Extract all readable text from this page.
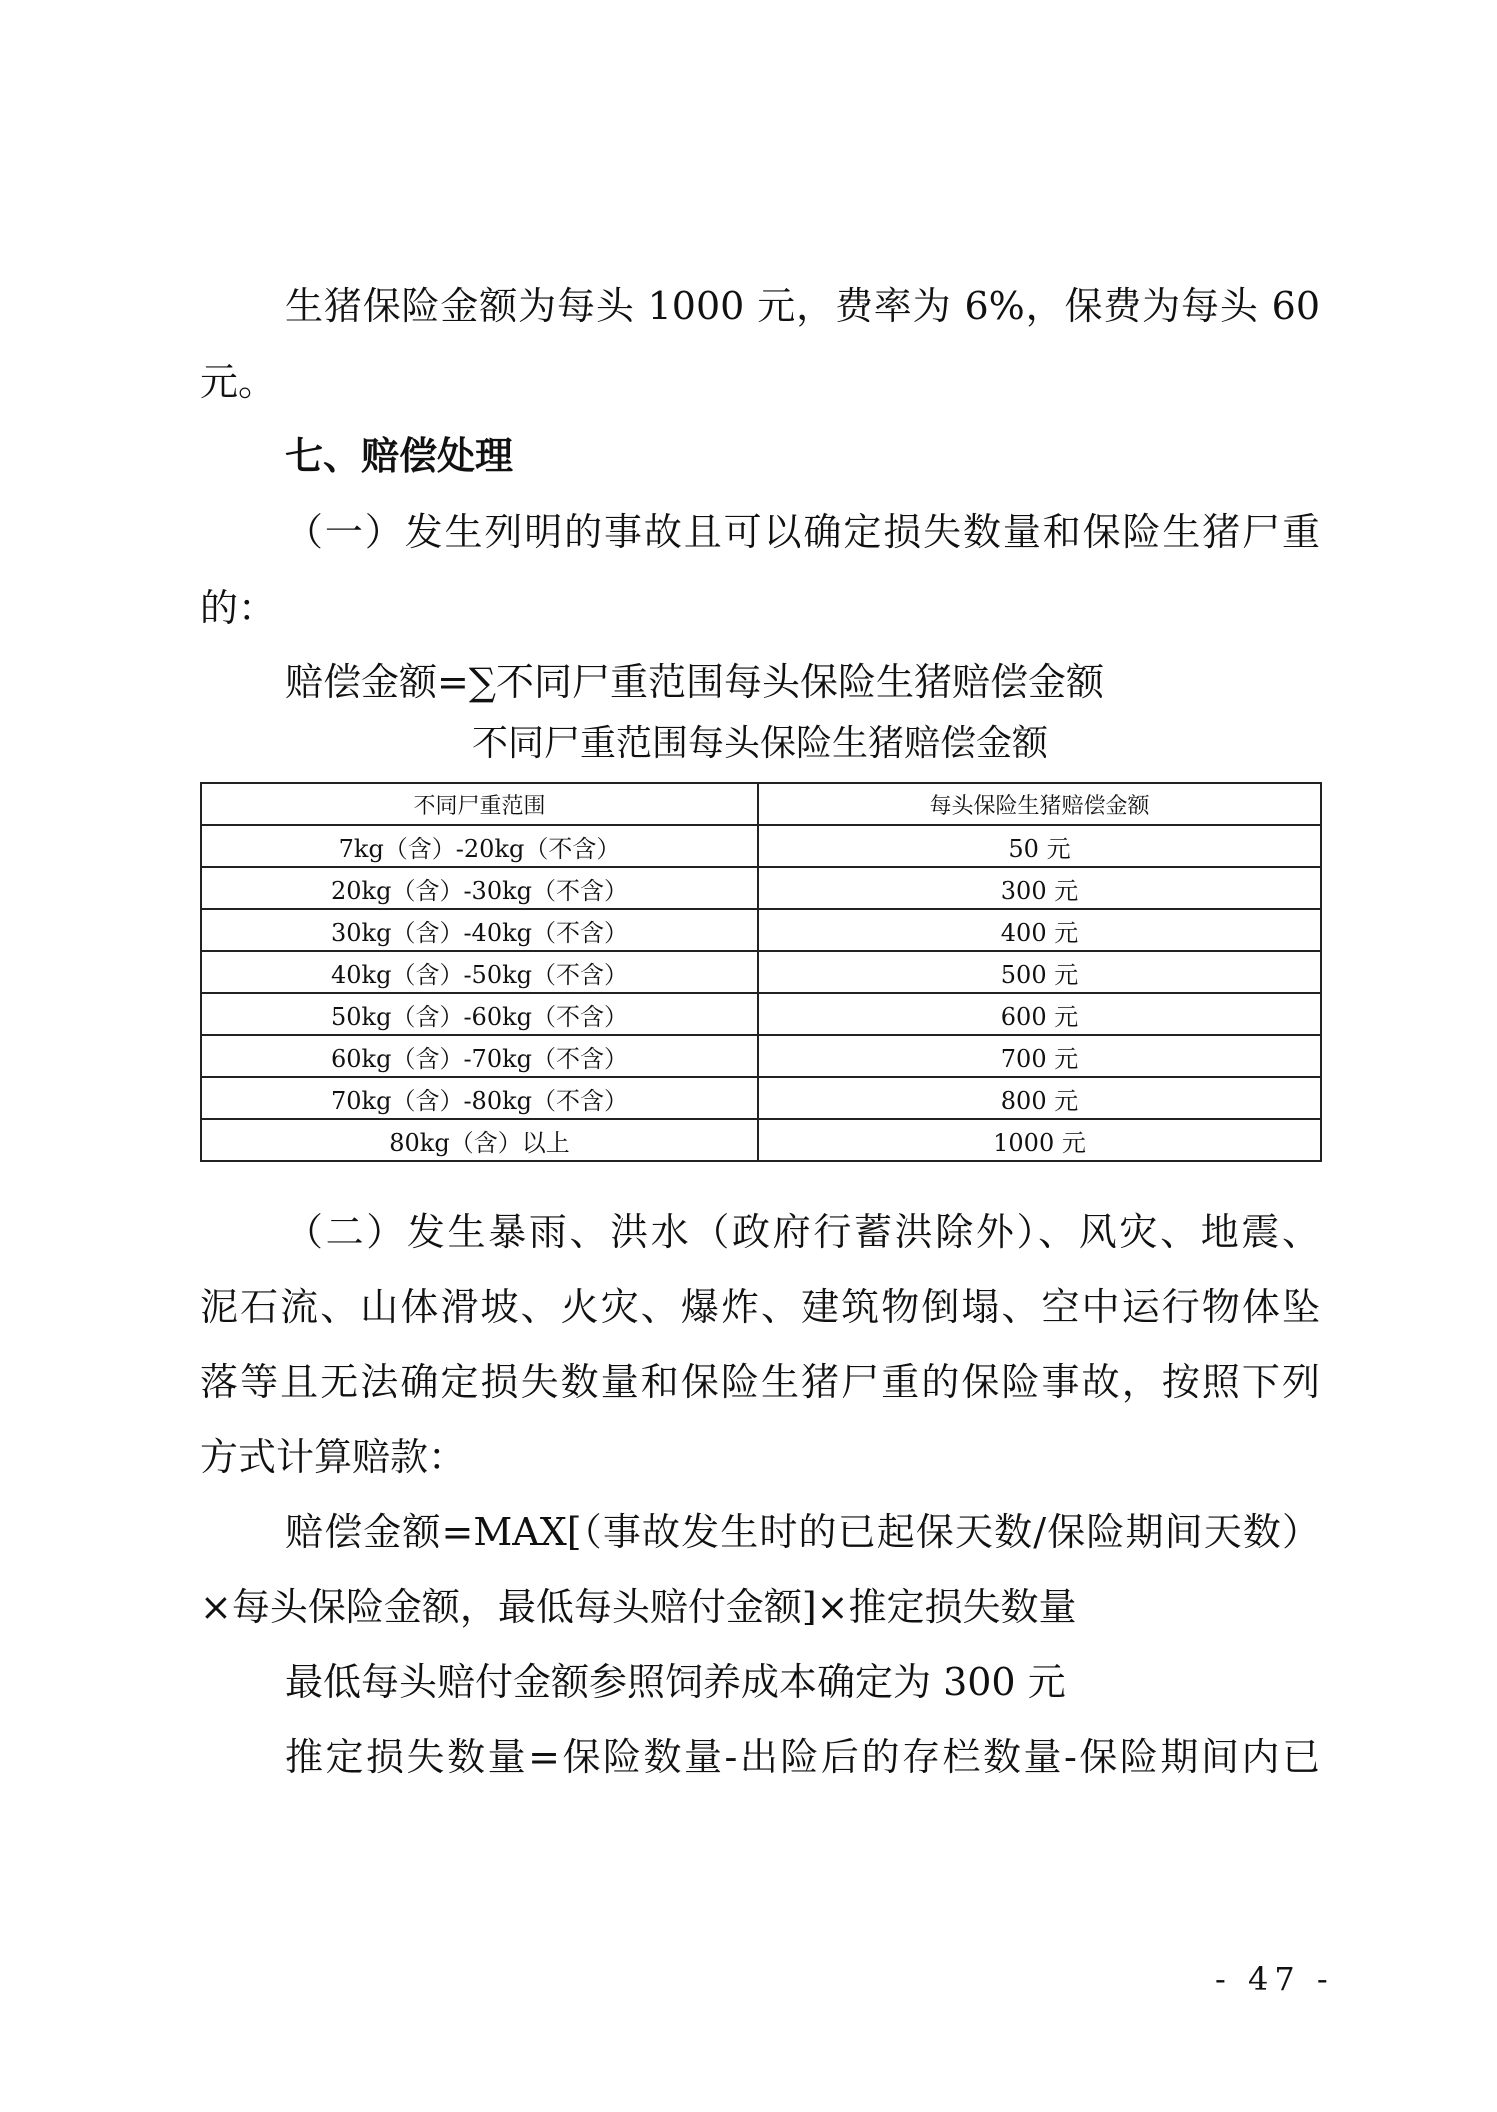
生猪保险金额为每头 1000 元，费率为 6%，保费为每头 60

元。

七、赔偿处理

（一）发生列明的事故且可以确定损失数量和保险生猪尸重

的：

赔偿金额=∑不同尸重范围每头保险生猪赔偿金额

不同尸重范围每头保险生猪赔偿金额
不同尸重范围	每头保险生猪赔偿金额
7kg（含）-20kg（不含）	50 元
20kg（含）-30kg（不含）	300 元
30kg（含）-40kg（不含）	400 元
40kg（含）-50kg（不含）	500 元
50kg（含）-60kg（不含）	600 元
60kg（含）-70kg（不含）	700 元
70kg（含）-80kg（不含）	800 元
80kg（含）以上	1000 元

（二）发生暴雨、洪水（政府行蓄洪除外）、风灾、地震、

泥石流、山体滑坡、火灾、爆炸、建筑物倒塌、空中运行物体坠

落等且无法确定损失数量和保险生猪尸重的保险事故，按照下列

方式计算赔款：

赔偿金额=MAX[（事故发生时的已起保天数/保险期间天数）

×每头保险金额，最低每头赔付金额]×推定损失数量

最低每头赔付金额参照饲养成本确定为 300 元

推定损失数量=保险数量-出险后的存栏数量-保险期间内已

- 47 -
